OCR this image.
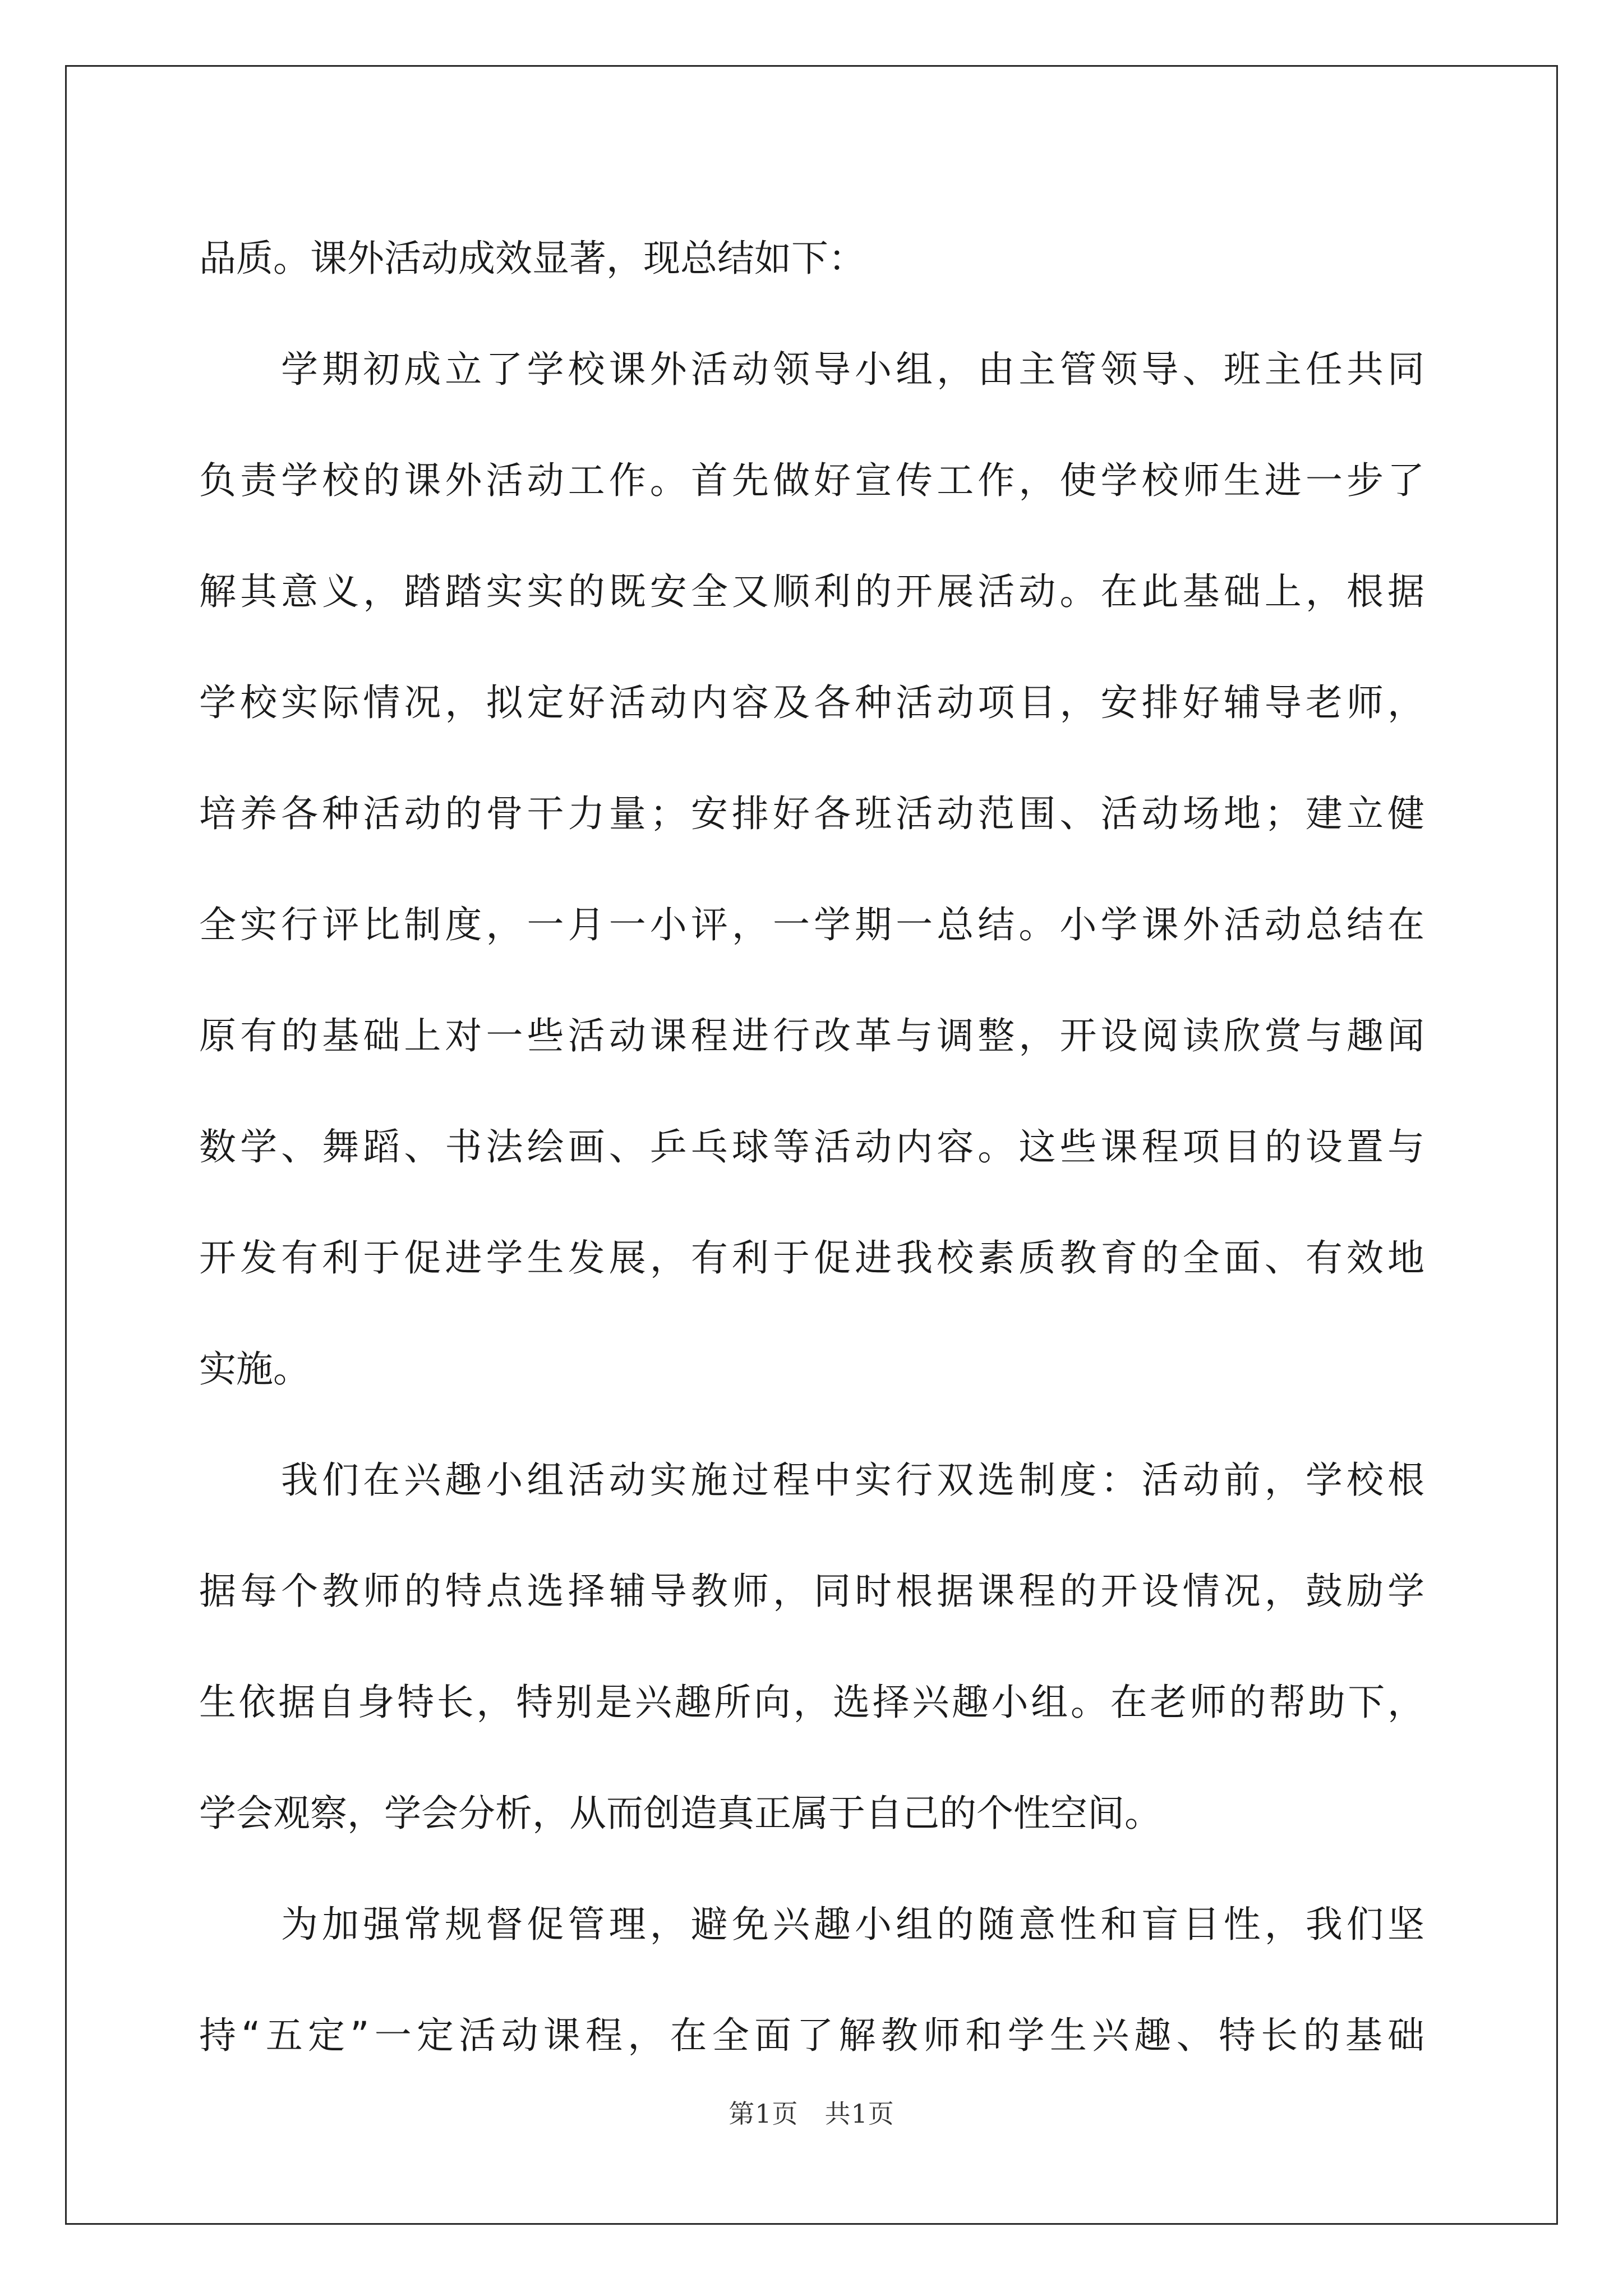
品质。课外活动成效显著，现总结如下：
学期初成立了学校课外活动领导小组，由主管领导、班主任共同
负责学校的课外活动工作。首先做好宣传工作，使学校师生进一步了
解其意义，踏踏实实的既安全又顺利的开展活动。在此基础上，根据
学校实际情况，拟定好活动内容及各种活动项目，安排好辅导老师，
培养各种活动的骨干力量；安排好各班活动范围、活动场地；建立健
全实行评比制度，一月一小评，一学期一总结。小学课外活动总结在
原有的基础上对一些活动课程进行改革与调整，开设阅读欣赏与趣闻
数学、舞蹈、书法绘画、乒乓球等活动内容。这些课程项目的设置与
开发有利于促进学生发展，有利于促进我校素质教育的全面、有效地
实施。
我们在兴趣小组活动实施过程中实行双选制度：活动前，学校根
据每个教师的特点选择辅导教师，同时根据课程的开设情况，鼓励学
生依据自身特长，特别是兴趣所向，选择兴趣小组。在老师的帮助下，
学会观察，学会分析，从而创造真正属于自己的个性空间。
为加强常规督促管理，避免兴趣小组的随意性和盲目性，我们坚
持“五定”一定活动课程，在全面了解教师和学生兴趣、特长的基础
第1页　共1页
